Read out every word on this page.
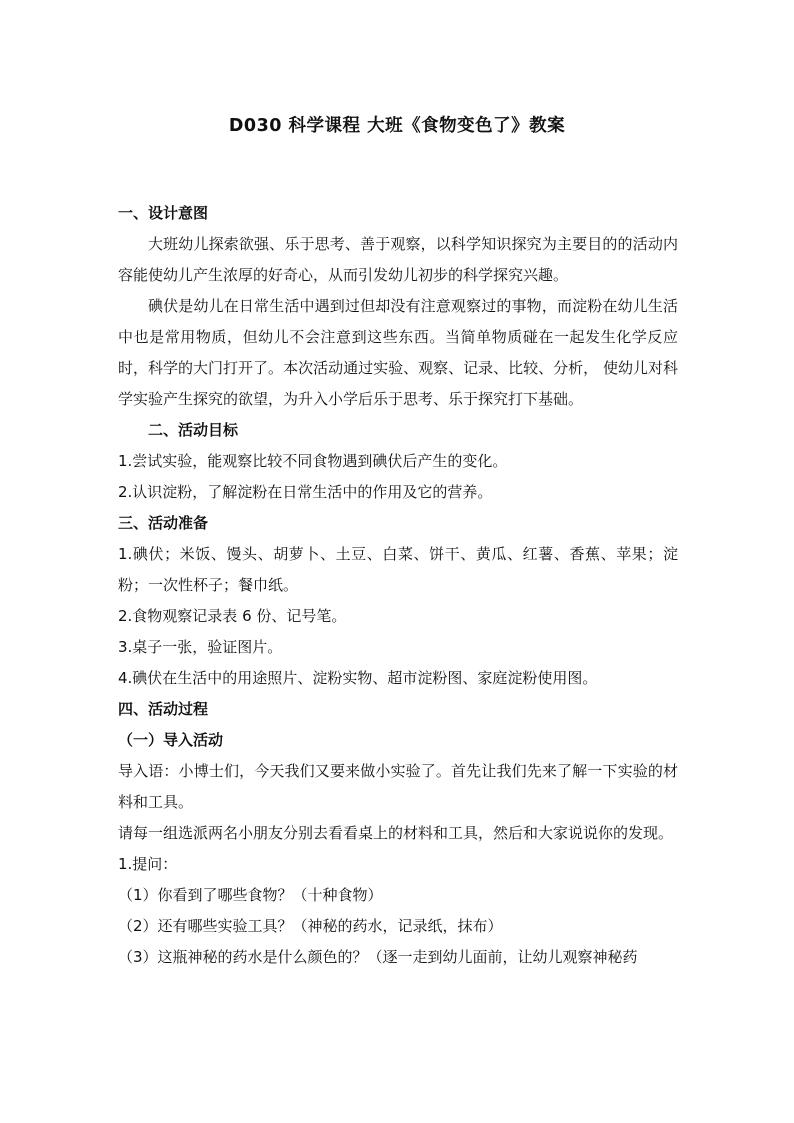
D030 科学课程 大班《食物变色了》教案

一、设计意图

大班幼儿探索欲强、乐于思考、善于观察，以科学知识探究为主要目的的活动内容能使幼儿产生浓厚的好奇心，从而引发幼儿初步的科学探究兴趣。

碘伏是幼儿在日常生活中遇到过但却没有注意观察过的事物，而淀粉在幼儿生活中也是常用物质，但幼儿不会注意到这些东西。当简单物质碰在一起发生化学反应时，科学的大门打开了。本次活动通过实验、观察、记录、比较、分析， 使幼儿对科学实验产生探究的欲望，为升入小学后乐于思考、乐于探究打下基础。

二、活动目标

1.尝试实验，能观察比较不同食物遇到碘伏后产生的变化。

2.认识淀粉，了解淀粉在日常生活中的作用及它的营养。

三、活动准备

1.碘伏；米饭、馒头、胡萝卜、土豆、白菜、饼干、黄瓜、红薯、香蕉、苹果；淀粉；一次性杯子；餐巾纸。

2.食物观察记录表 6 份、记号笔。

3.桌子一张，验证图片。

4.碘伏在生活中的用途照片、淀粉实物、超市淀粉图、家庭淀粉使用图。

四、活动过程

（一）导入活动

导入语：小博士们，今天我们又要来做小实验了。首先让我们先来了解一下实验的材料和工具。

请每一组选派两名小朋友分别去看看桌上的材料和工具，然后和大家说说你的发现。

1.提问：

（1）你看到了哪些食物？（十种食物）

（2）还有哪些实验工具？（神秘的药水，记录纸，抹布）

（3）这瓶神秘的药水是什么颜色的？（逐一走到幼儿面前，让幼儿观察神秘药
